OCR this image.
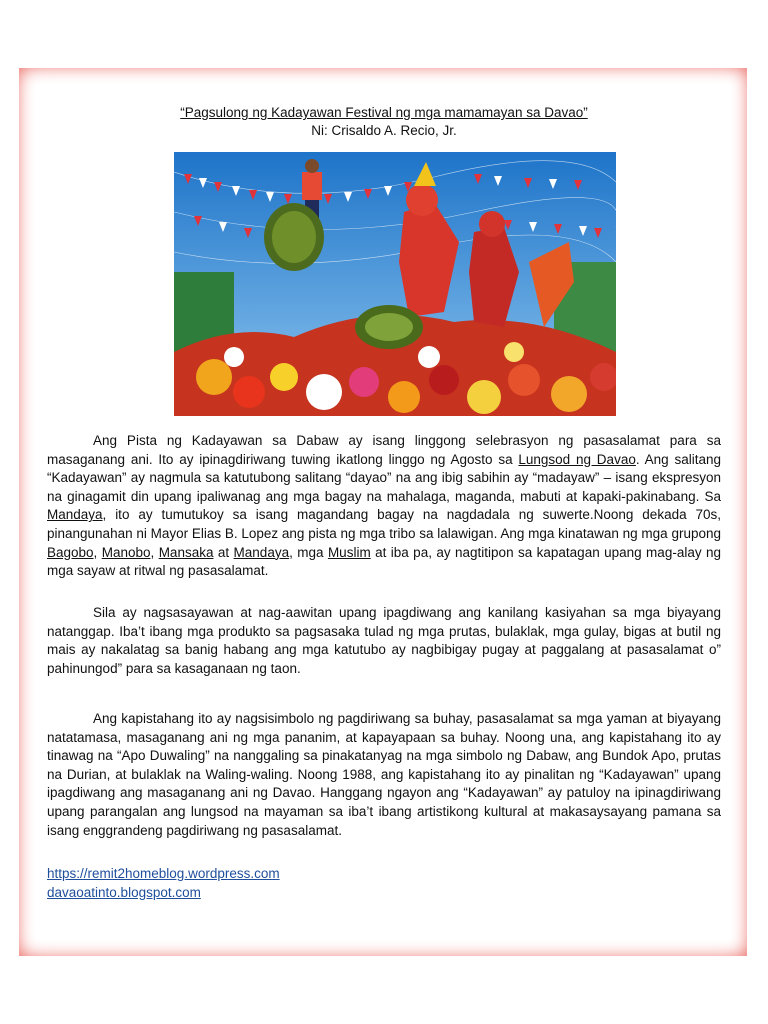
“Pagsulong ng Kadayawan Festival ng mga mamamayan sa Davao”
Ni: Crisaldo A. Recio, Jr.
Ang Pista ng Kadayawan sa Dabaw ay isang linggong selebrasyon ng pasasalamat para sa masaganang ani. Ito ay ipinagdiriwang tuwing ikatlong linggo ng Agosto sa Lungsod ng Davao. Ang salitang “Kadayawan” ay nagmula sa katutubong salitang “dayao” na ang ibig sabihin ay “madayaw” – isang ekspresyon na ginagamit din upang ipaliwanag ang mga bagay na mahalaga, maganda, mabuti at kapaki-pakinabang. Sa Mandaya, ito ay tumutukoy sa isang magandang bagay na nagdadala ng suwerte.Noong dekada 70s, pinangunahan ni Mayor Elias B. Lopez ang pista ng mga tribo sa lalawigan. Ang mga kinatawan ng mga grupong Bagobo, Manobo, Mansaka at Mandaya, mga Muslim at iba pa, ay nagtitipon sa kapatagan upang mag-alay ng mga sayaw at ritwal ng pasasalamat.
Sila ay nagsasayawan at nag-aawitan upang ipagdiwang ang kanilang kasiyahan sa mga biyayang natanggap. Iba’t ibang mga produkto sa pagsasaka tulad ng mga prutas, bulaklak, mga gulay, bigas at butil ng mais ay nakalatag sa banig habang ang mga katutubo ay nagbibigay pugay at paggalang at pasasalamat o” pahinungod” para sa kasaganaan ng taon.
Ang kapistahang ito ay nagsisimbolo ng pagdiriwang sa buhay, pasasalamat sa mga yaman at biyayang natatamasa, masaganang ani ng mga pananim, at kapayapaan sa buhay. Noong una, ang kapistahang ito ay tinawag na “Apo Duwaling” na nanggaling sa pinakatanyag na mga simbolo ng Dabaw, ang Bundok Apo, prutas na Durian, at bulaklak na Waling-waling. Noong 1988, ang kapistahang ito ay pinalitan ng “Kadayawan” upang ipagdiwang ang masaganang ani ng Davao. Hanggang ngayon ang “Kadayawan” ay patuloy na ipinagdiriwang upang parangalan ang lungsod na mayaman sa iba’t ibang artistikong kultural at makasaysayang pamana sa isang enggrandeng pagdiriwang ng pasasalamat.
https://remit2homeblog.wordpress.com
davaoatinto.blogspot.com
